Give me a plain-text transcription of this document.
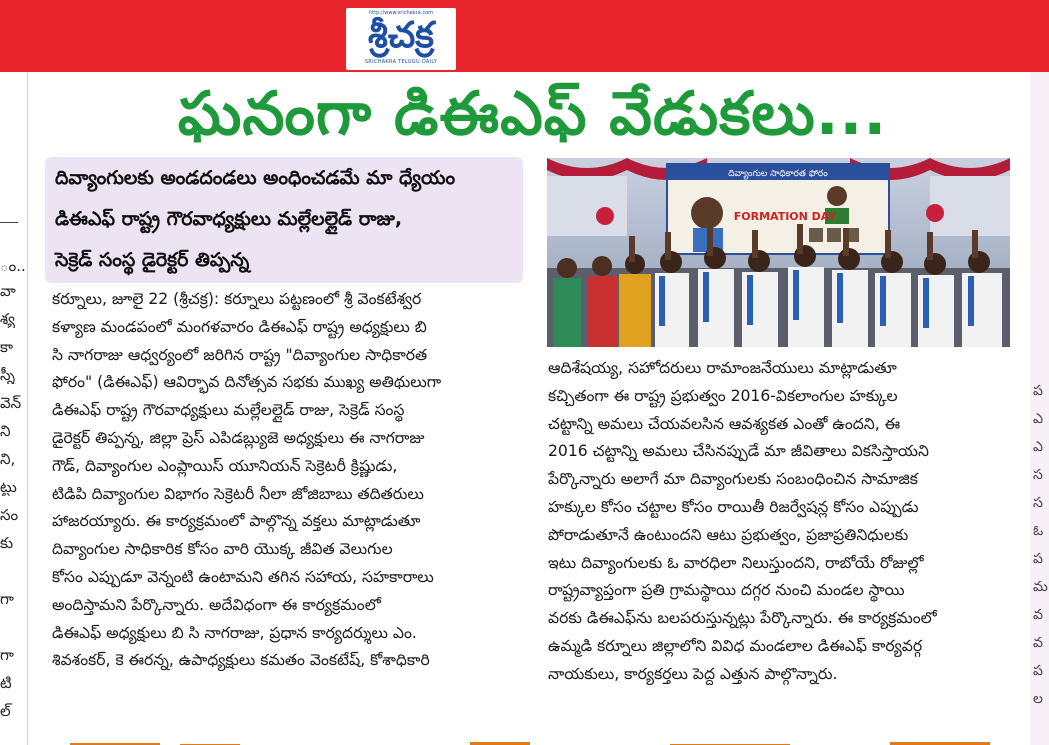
http://www.srichakra.com
శ్రీచక్ర
SRICHAKRA TELUGU DAILY
ం..
వా
శ్య
కా
స్నీ
వెన్
ని
ని,
ట్టు
సం
కు
గా
గా
టి
ల్
ప
ఎ
ఎ
స
స
ఓ
ప
మ
వ
వ
ప
ల
ఘనంగా డిఈఎఫ్ వేడుకలు...
దివ్యాంగులకు అండదండలు అంధించడమే మా ధ్యేయం
డిఈఎఫ్ రాష్ట్ర గౌరవాధ్యక్షులు మల్లేలల్లైడ్ రాజు,
సెక్రెడ్ సంస్థ డైరెక్టర్ తిప్పన్న
దివ్యాంగుల సాధికారత ఫోరం
FORMATION DAY
కర్నూలు, జూలై 22 (శ్రీచక్ర): కర్నూలు పట్టణంలో శ్రీ వెంకటేశ్వర
కళ్యాణ మండపంలో మంగళవారం డిఈఎఫ్ రాష్ట్ర అధ్యక్షులు బి
సి నాగరాజు ఆధ్వర్యంలో జరిగిన రాష్ట్ర "దివ్యాంగుల సాధికారత
ఫోరం" (డిఈఎఫ్) ఆవిర్భావ దినోత్సవ సభకు ముఖ్య అతిథులుగా
డిఈఎఫ్ రాష్ట్ర గౌరవాధ్యక్షులు మల్లేలల్లైడ్ రాజు, సెక్రెడ్ సంస్థ
డైరెక్టర్ తిప్పన్న, జిల్లా ప్రెస్ ఎపిడబ్ల్యుజె అధ్యక్షులు ఈ నాగరాజు
గౌడ్, దివ్యాంగుల ఎంప్లాయిస్ యూనియన్ సెక్రెటరీ క్రిష్ణుడు,
టిడిపి దివ్యాంగుల విభాగం సెక్రెటరీ నీలా జోజిబాబు తదితరులు
హాజరయ్యారు. ఈ కార్యక్రమంలో పాల్గొన్న వక్తలు మాట్లాడుతూ
దివ్యాంగుల సాధికారిక కోసం వారి యొక్క జీవిత వెలుగుల
కోసం ఎప్పుడూ వెన్నంటి ఉంటామని తగిన సహాయ, సహకారాలు
అందిస్తామని పేర్కొన్నారు. అదేవిధంగా ఈ కార్యక్రమంలో
డిఈఎఫ్ అధ్యక్షులు బి సి నాగరాజు, ప్రధాన కార్యదర్శులు ఎం.
శివశంకర్, కె ఈరన్న, ఉపాధ్యక్షులు కమతం వెంకటేష్, కోశాధికారి
ఆదిశేషయ్య, సహోదరులు రామాంజనేయులు మాట్లాడుతూ
కచ్చితంగా ఈ రాష్ట్ర ప్రభుత్వం 2016-వికలాంగుల హక్కుల
చట్టాన్ని అమలు చేయవలసిన ఆవశ్యకత ఎంతో ఉందని, ఈ
2016 చట్టాన్ని అమలు చేసినప్పుడే మా జీవితాలు వికసిస్తాయని
పేర్కొన్నారు అలాగే మా దివ్యాంగులకు సంబంధించిన సామాజిక
హక్కుల కోసం చట్టాల కోసం రాయితీ రిజర్వేషన్ల కోసం ఎప్పుడు
పోరాడుతూనే ఉంటుందని ఆటు ప్రభుత్వం, ప్రజాప్రతినిధులకు
ఇటు దివ్యాంగులకు ఓ వారధిలా నిలుస్తుందని, రాబోయే రోజుల్లో
రాష్ట్రవ్యాప్తంగా ప్రతి గ్రామస్థాయి దగ్గర నుంచి మండల స్థాయి
వరకు డిఈఎఫ్‌ను బలపరుస్తున్నట్లు పేర్కొన్నారు. ఈ కార్యక్రమంలో
ఉమ్మడి కర్నూలు జిల్లాలోని వివిధ మండలాల డిఈఎఫ్ కార్యవర్గ
నాయకులు, కార్యకర్తలు పెద్ద ఎత్తున పాల్గొన్నారు.
